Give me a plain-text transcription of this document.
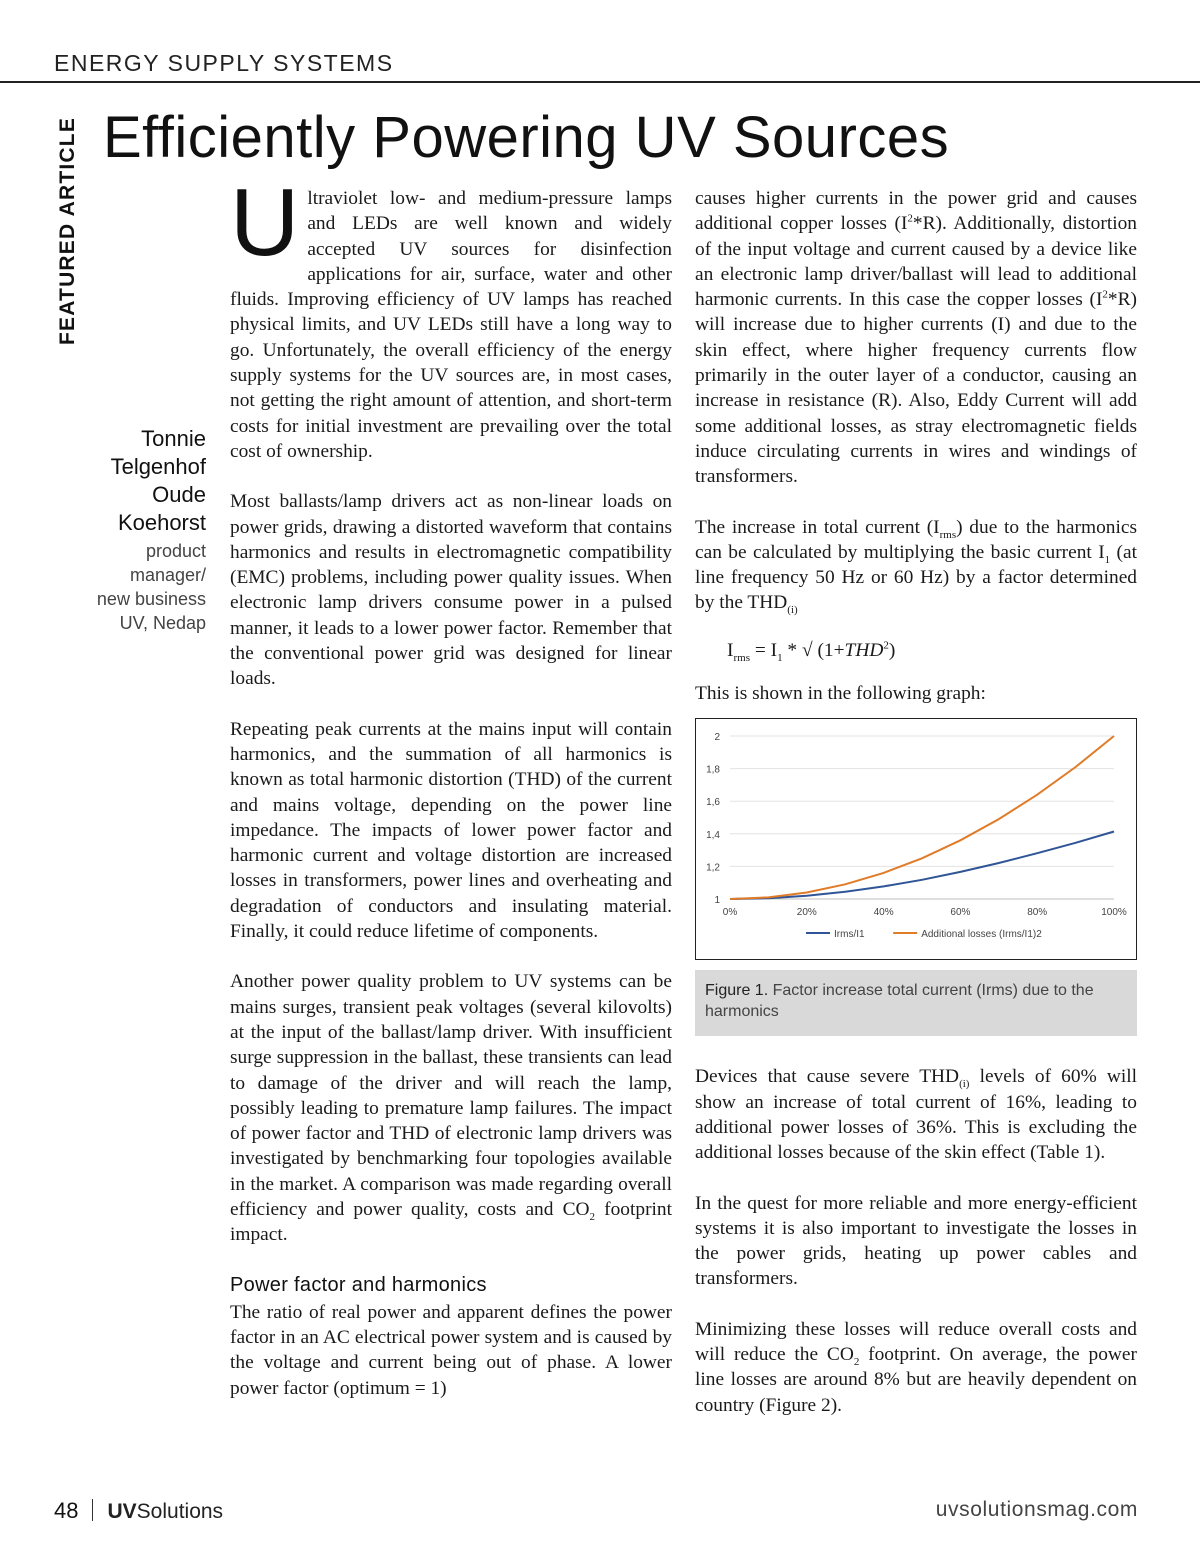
ENERGY SUPPLY SYSTEMS
FEATURED ARTICLE Efficiently Powering UV Sources
Tonnie
Telgenhof
Oude
Koehorst
product
manager/
new business
UV, Nedap

Ultraviolet low- and medium-pressure lamps and LEDs are well known and widely accepted UV sources for disinfection applications for air, surface, water and other fluids. Improving efficiency of UV lamps has reached physical limits, and UV LEDs still have a long way to go. Unfortunately, the overall efficiency of the energy supply systems for the UV sources are, in most cases, not getting the right amount of attention, and short-term costs for initial investment are prevailing over the total cost of ownership.

Most ballasts/lamp drivers act as non-linear loads on power grids, drawing a distorted waveform that contains harmonics and results in electromagnetic compatibility (EMC) problems, including power quality issues. When electronic lamp drivers consume power in a pulsed manner, it leads to a lower power factor. Remember that the conventional power grid was designed for linear loads.

Repeating peak currents at the mains input will contain harmonics, and the summation of all harmonics is known as total harmonic distortion (THD) of the current and mains voltage, depending on the power line impedance. The impacts of lower power factor and harmonic current and voltage distortion are increased losses in transformers, power lines and overheating and degradation of conductors and insulating material. Finally, it could reduce lifetime of components.

Another power quality problem to UV systems can be mains surges, transient peak voltages (several kilovolts) at the input of the ballast/lamp driver. With insufficient surge suppression in the ballast, these transients can lead to damage of the driver and will reach the lamp, possibly leading to premature lamp failures. The impact of power factor and THD of electronic lamp drivers was investigated by benchmarking four topologies available in the market. A comparison was made regarding overall efficiency and power quality, costs and $CO_2$ footprint impact.

Power factor and harmonics

The ratio of real power and apparent defines the power factor in an AC electrical power system and is caused by the voltage and current being out of phase. A lower power factor (optimum = 1)

causes higher currents in the power grid and causes additional copper losses $(I^2*R)$. Additionally, distortion of the input voltage and current caused by a device like an electronic lamp driver/ballast will lead to additional harmonic currents. In this case the copper losses $(I^2*R)$ will increase due to higher currents (I) and due to the skin effect, where higher frequency currents flow primarily in the outer layer of a conductor, causing an increase in resistance (R). Also, Eddy Current will add some additional losses, as stray electromagnetic fields induce circulating currents in wires and windings of transformers.

The increase in total current $(I_{rms})$ due to the harmonics can be calculated by multiplying the basic current $I_1$ (at line frequency 50 Hz or 60 Hz) by a factor determined by the $THD_{(i)}$

$I_{rms} = I_1$ * √ $(1+THD^2)$

This is shown in the following graph:

1
1,2
1,4
1,6
1,8
2
0%	20%	40%	60%	80%	100%
Irms/I1	Additional losses (Irms/I1)2
Figure 1. Factor increase total current (Irms) due to the harmonics

Devices that cause severe $THD_{(i)}$ levels of 60% will show an increase of total current of 16%, leading to additional power losses of 36%. This is excluding the additional losses because of the skin effect (Table 1).

In the quest for more reliable and more energy-efficient systems it is also important to investigate the losses in the power grids, heating up power cables and transformers.

Minimizing these losses will reduce overall costs and will reduce the $CO_2$ footprint. On average, the power line losses are around 8% but are heavily dependent on country (Figure 2).

48 UVSolutions	uvsolutionsmag.com
